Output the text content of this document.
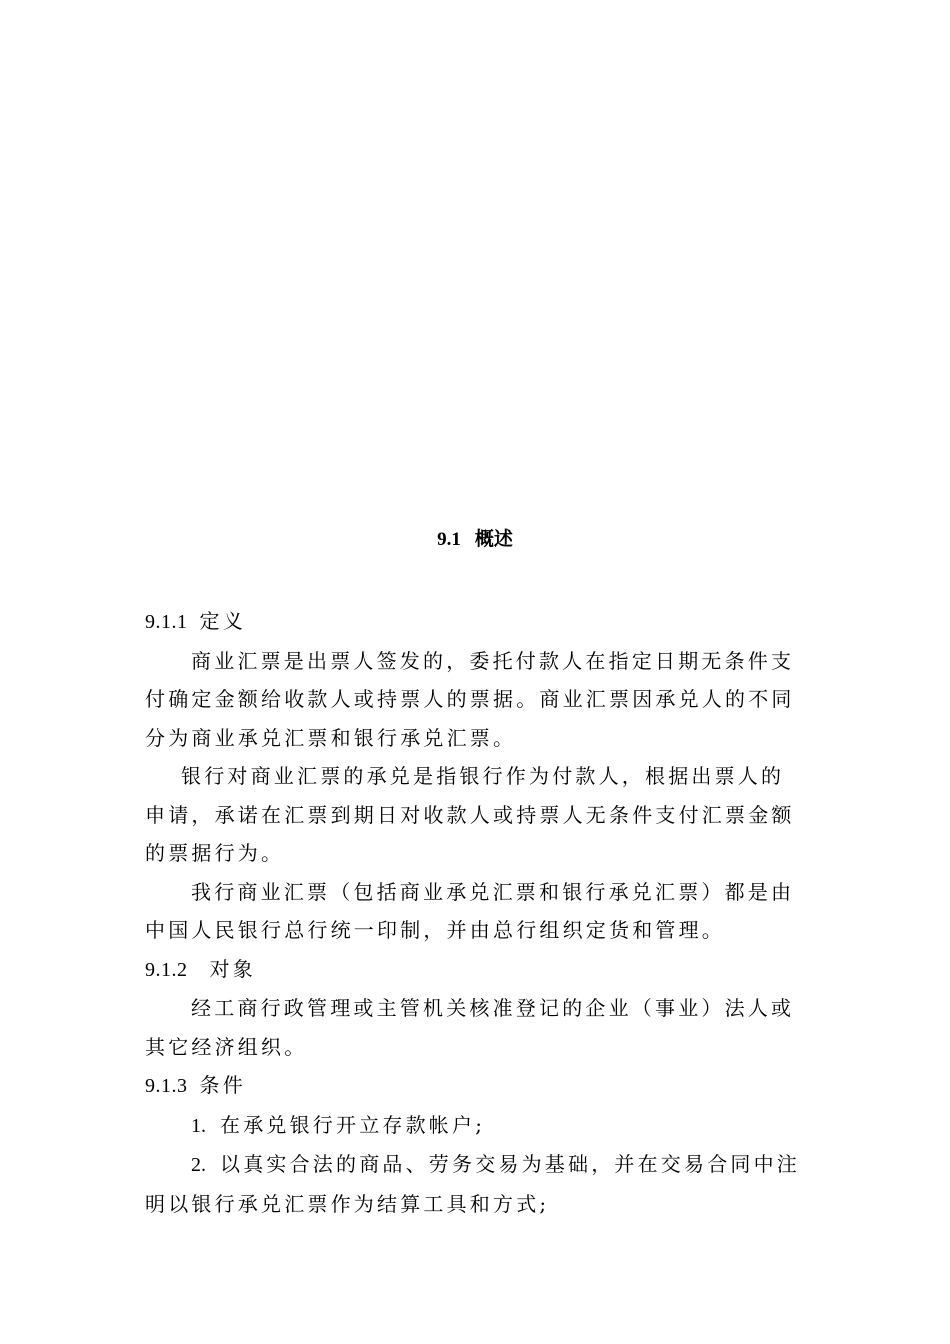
9.1 概述

9.1.1 定义

商业汇票是出票人签发的，委托付款人在指定日期无条件支付确定金额给收款人或持票人的票据。商业汇票因承兑人的不同分为商业承兑汇票和银行承兑汇票。

银行对商业汇票的承兑是指银行作为付款人，根据出票人的申请，承诺在汇票到期日对收款人或持票人无条件支付汇票金额的票据行为。

我行商业汇票（包括商业承兑汇票和银行承兑汇票）都是由中国人民银行总行统一印制，并由总行组织定货和管理。

9.1.2 对象

经工商行政管理或主管机关核准登记的企业（事业）法人或其它经济组织。

9.1.3 条件

1. 在承兑银行开立存款帐户;

2. 以真实合法的商品、劳务交易为基础，并在交易合同中注明以银行承兑汇票作为结算工具和方式;
